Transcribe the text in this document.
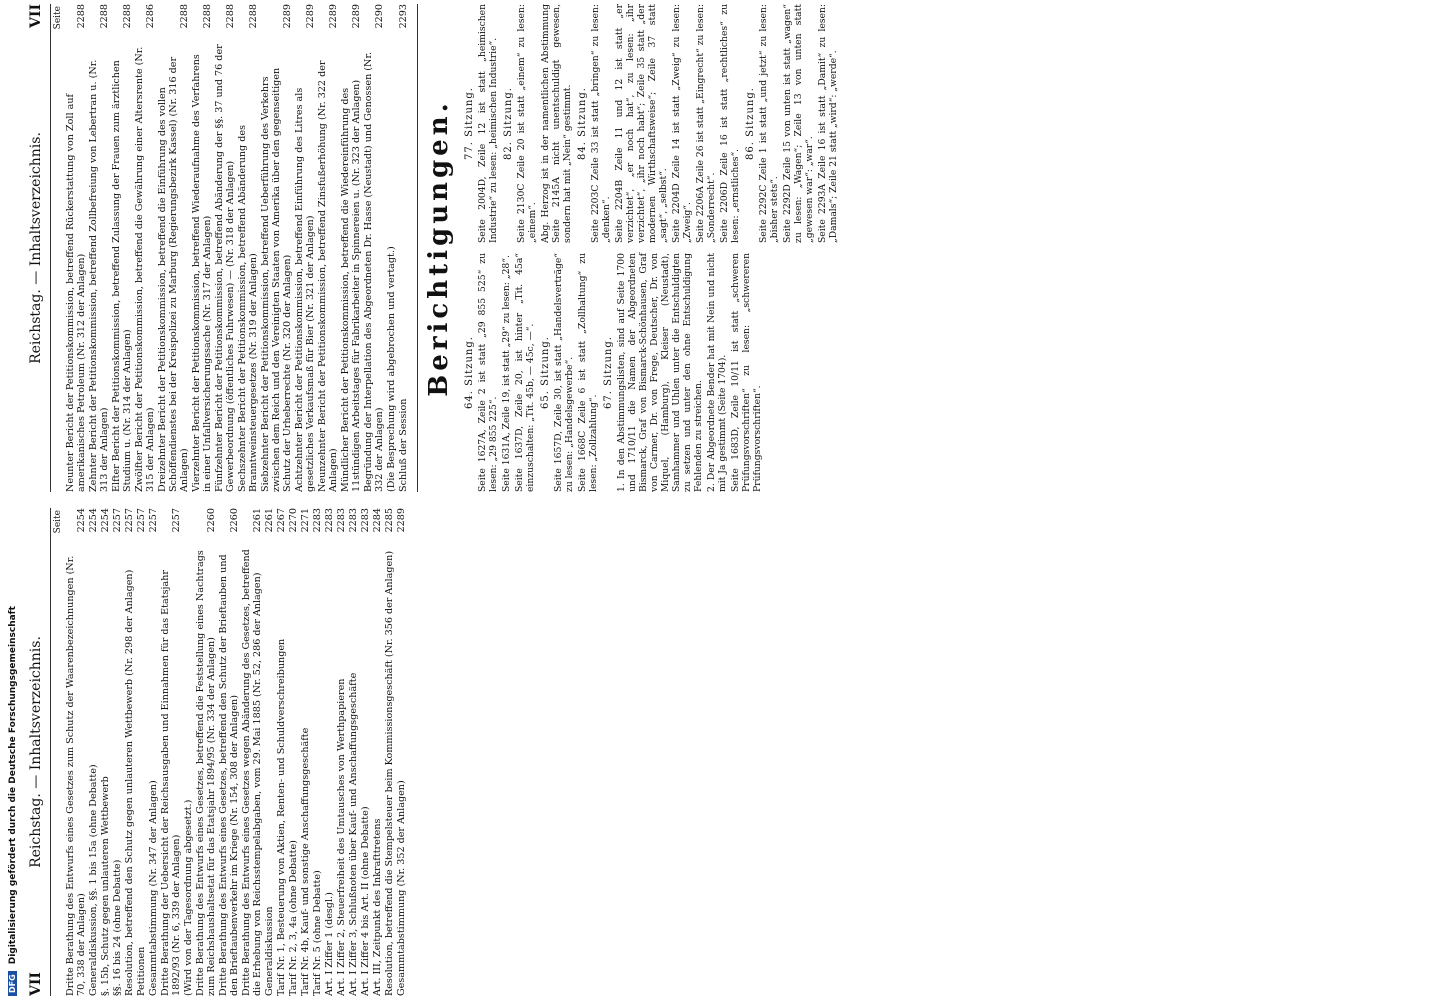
DFG Digitalisierung gefördert durch die Deutsche Forschungsgemeinschaft
VII
Reichstag. — Inhaltsverzeichnis.
Seite
Dritte Berathung des Entwurfs eines Gesetzes zum Schutz der Waarenbezeichnungen (Nr. 70, 338 der Anlagen)
2254
Generaldiskussion, §§. 1 bis 15a (ohne Debatte)
2254
§. 15b, Schutz gegen unlauteren Wettbewerb
2254
§§. 16 bis 24 (ohne Debatte)
2257
Resolution, betreffend den Schutz gegen unlauteren Wettbewerb (Nr. 298 der Anlagen)
2257
Petitionen
2257
Gesammtabstimmung (Nr. 347 der Anlagen)
2257
Dritte Berathung der Uebersicht der Reichsausgaben und Einnahmen für das Etatsjahr 1892/93 (Nr. 6, 339 der Anlagen)
2257
(Wird von der Tagesordnung abgesetzt.) Dritte Berathung des Entwurfs eines Gesetzes, betreffend die Feststellung eines Nachtrags zum Reichshaushaltsetat für das Etatsjahr 1894/95 (Nr. 334 der Anlagen)
2260
Dritte Berathung des Entwurfs eines Gesetzes, betreffend den Schutz der Brieftauben und den Brieftaubenverkehr im Kriege (Nr. 154, 308 der Anlagen)
2260
Dritte Berathung des Entwurfs eines Gesetzes wegen Abänderung des Gesetzes, betreffend die Erhebung von Reichsstempelabgaben, vom 29. Mai 1885 (Nr. 52, 286 der Anlagen)
2261
Generaldiskussion
2261
Tarif Nr. 1, Besteuerung von Aktien, Renten- und Schuldverschreibungen
2267
Tarif Nr. 2, 3, 4a (ohne Debatte)
2270
Tarif Nr. 4b, Kauf- und sonstige Anschaffungsgeschäfte
2271
Tarif Nr. 5 (ohne Debatte)
2283
Art. I Ziffer 1 (desgl.)
2283
Art. I Ziffer 2, Steuerfreiheit des Umtausches von Werthpapieren
2283
Art. I Ziffer 3, Schlußnoten über Kauf- und Anschaffungsgeschäfte
2283
Art. I Ziffer 4 bis Art. II (ohne Debatte)
2283
Art. III, Zeitpunkt des Inkrafttretens
2284
Resolution, betreffend die Stempelsteuer beim Kommissionsgeschäft (Nr. 356 der Anlagen)
2285
Gesammtabstimmung (Nr. 352 der Anlagen)
2289
Reichstag. — Inhaltsverzeichnis.
VII Seite
Neunter Bericht der Petitionskommission, betreffend Rückerstattung von Zoll auf amerikanisches Petroleum (Nr. 312 der Anlagen)
2288
Zehnter Bericht der Petitionskommission, betreffend Zollbefreiung von Lebertran u. (Nr. 313 der Anlagen)
2288
Elfter Bericht der Petitionskommission, betreffend Zulassung der Frauen zum ärztlichen Studium u. (Nr. 314 der Anlagen)
2288
Zwölfter Bericht der Petitionskommission, betreffend die Gewährung einer Altersrente (Nr. 315 der Anlagen)
2286
Dreizehnter Bericht der Petitionskommission, betreffend die Einführung des vollen Schöffendienstes bei der Kreispolizei zu Marburg (Regierungsbezirk Kassel) (Nr. 316 der Anlagen)
2288
Vierzehnter Bericht der Petitionskommission, betreffend Wiederaufnahme des Verfahrens in einer Unfallversicherungssache (Nr. 317 der Anlagen)
2288
Fünfzehnter Bericht der Petitionskommission, betreffend Abänderung der §§. 37 und 76 der Gewerbeordnung (öffentliches Fuhrwesen) — (Nr. 318 der Anlagen)
2288
Sechszehnter Bericht der Petitionskommission, betreffend Abänderung des Branntweinsteuergesetzes (Nr. 319 der Anlagen)
2288
Siebzehnter Bericht der Petitionskommission, betreffend Ueberführung des Verkehrs zwischen dem Reich und den Vereinigten Staaten von Amerika über den gegenseitigen Schutz der Urheberrechte (Nr. 320 der Anlagen)
2289
Achtzehnter Bericht der Petitionskommission, betreffend Einführung des Litres als gesetzliches Verkaufsmaß für Bier (Nr. 321 der Anlagen)
2289
Neunzehnter Bericht der Petitionskommission, betreffend Zinsfußerhöhung (Nr. 322 der Anlagen)
2289
Mündlicher Bericht der Petitionskommission, betreffend die Wiedereinführung des 11stündigen Arbeitstages für Fabrikarbeiter in Spinnereien u. (Nr. 323 der Anlagen)
2289
Begründung der Interpellation des Abgeordneten Dr. Hasse (Neustadt) und Genossen (Nr. 332 der Anlagen)
2290
(Die Besprechung wird abgebrochen und vertagt.) Schluß der Session
2293
Berichtigungen. 64. Sitzung. Seite 1627A, Zeile 2 ist statt „29 855 525“ zu lesen: „29 855 225“. Seite 1631A, Zeile 19, ist statt „29“ zu lesen: „28“. Seite 1637D, Zeile 20, ist hinter „Tit. 45a“ einzuschalten: „Tit. 45b, — 45c, —“. 65. Sitzung. Seite 1657D, Zeile 30, ist statt „Handelsverträge“ zu lesen: „Handelsgewerbe“. Seite 1668C Zeile 6 ist statt „Zollhaltung“ zu lesen: „Zollzahlung“.

67. Sitzung. 1. In den Abstimmungslisten, sind auf Seite 1700 und 1710/11 die Namen der Abgeordneten Bismarck, Graf von Bismarck-Schönhausen, Graf von Carmer, Dr. von Frege, Deutscher, Dr. von Miquel, (Hamburg), Kleiser (Neustadt), Samhammer und Uhlen unter die Entschuldigten zu setzen und unter den ohne Entschuldigung Fehlenden zu streichen. 2. Der Abgeordnete Bender hat mit Nein und nicht mit Ja gestimmt (Seite 1704). Seite 1683D, Zeile 10/11 ist statt „schweren Prüfungsvorschriften“ zu lesen: „schwereren Prüfungsvorschriften“.

77. Sitzung. Seite 2004D, Zeile 12 ist statt „heimischen Industrie“ zu lesen: „heimischen Industrie“. 82. Sitzung. Seite 2130C Zeile 20 ist statt „einem“ zu lesen: „einem“. Abg. Herzog ist in der namentlichen Abstimmung Seite 2145A nicht unentschuldigt gewesen, sondern hat mit „Nein“ gestimmt. 84. Sitzung. Seite 2203C Zeile 33 ist statt „bringen“ zu lesen: „denken“. Seite 2204B Zeile 11 und 12 ist statt „er verzichtet“, „er noch hat“, zu lesen: „ihr verzichtet“, „ihr noch habt“; Zeile 35 statt „der modernen Wirthschaftsweise“; Zeile 37 statt „sagt“, „selbst“. Seite 2204D Zeile 14 ist statt „Zweig“ zu lesen: „Zweig“. Seite 2206A Zeile 26 ist statt „Eingrecht“ zu lesen: „Sonderrecht“. Seite 2206D Zeile 16 ist statt „rechtliches“ zu lesen: „ernstliches“.

86. Sitzung. Seite 2292C Zeile 1 ist statt „und jetzt“ zu lesen: „bisher stets“. Seite 2292D Zeile 15 von unten ist statt „wagen“ zu lesen: „Wagen“; Zeile 13 von unten statt „gewesen war“: „war“. Seite 2293A Zeile 16 ist statt „Damit“ zu lesen: „Damals“; Zeile 21 statt „wird“: „werde“.
